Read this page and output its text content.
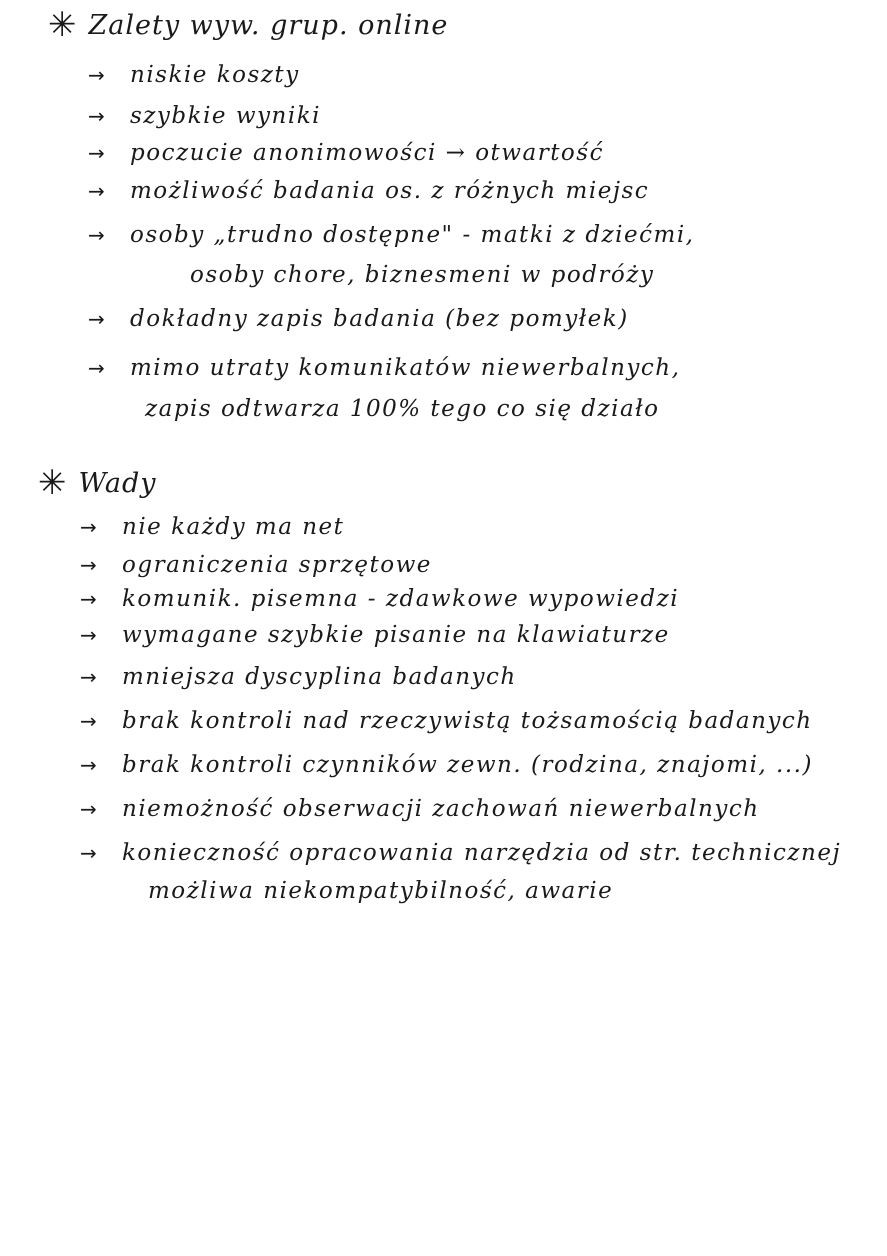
✳ Zalety wyw. grup. online
→	niskie koszty
→	szybkie wyniki
→	poczucie anonimowości → otwartość
→	możliwość badania os. z różnych miejsc
→	osoby „trudno dostępne" - matki z dziećmi,
osoby chore, biznesmeni w podróży
→	dokładny zapis badania (bez pomyłek)
→	mimo utraty komunikatów niewerbalnych,
zapis odtwarza 100% tego co się działo
✳ Wady
→	nie każdy ma net
→	ograniczenia sprzętowe
→	komunik. pisemna - zdawkowe wypowiedzi
→	wymagane szybkie pisanie na klawiaturze
→	mniejsza dyscyplina badanych
→	brak kontroli nad rzeczywistą tożsamością badanych
→	brak kontroli czynników zewn. (rodzina, znajomi, ...)
→	niemożność obserwacji zachowań niewerbalnych
→	konieczność opracowania narzędzia od str. technicznej
możliwa niekompatybilność, awarie
